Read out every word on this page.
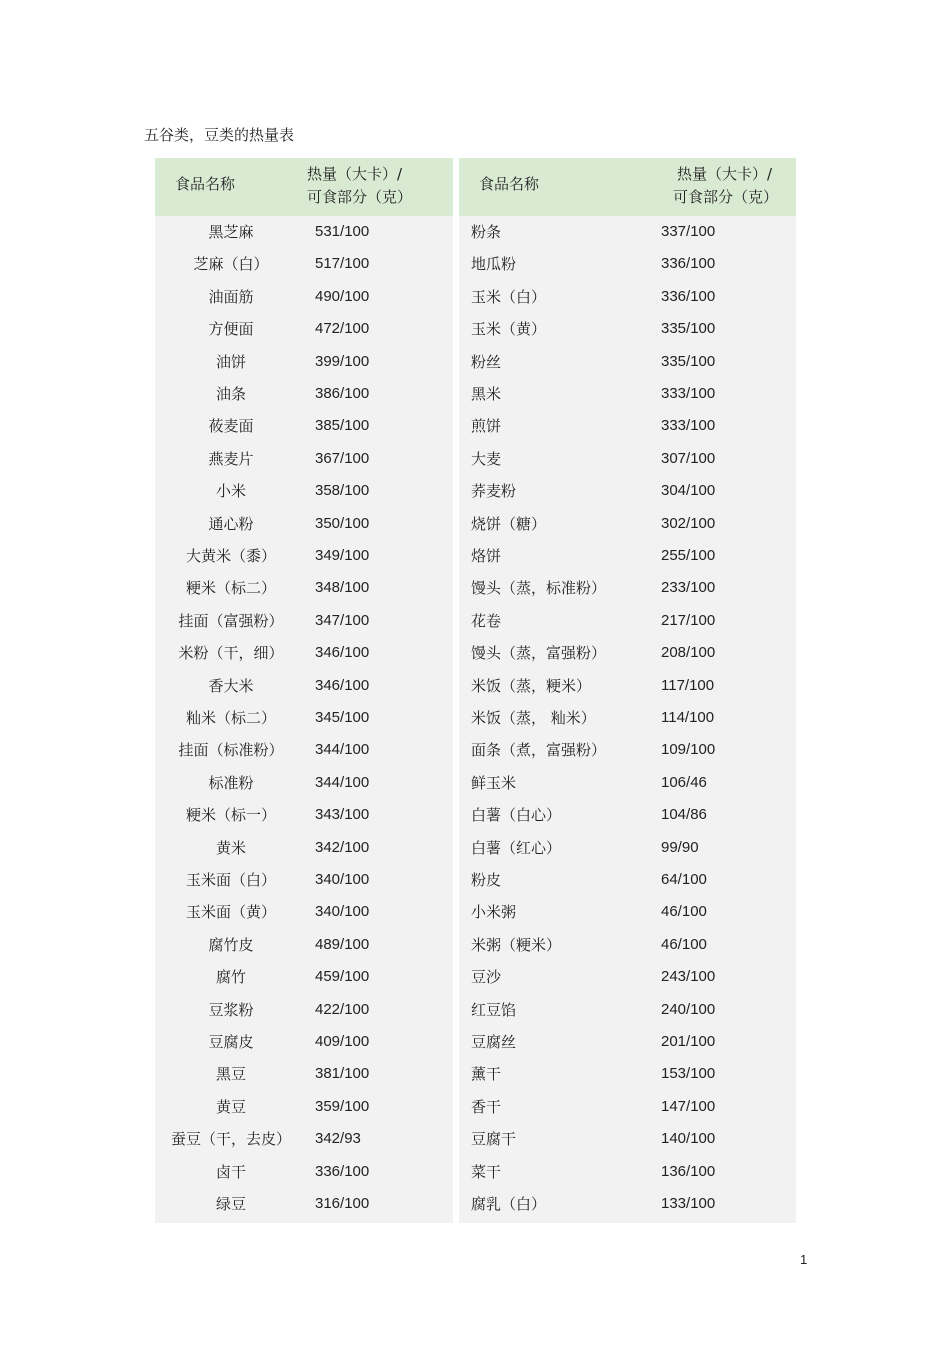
五谷类，豆类的热量表
食品名称
热量（大卡）/
可食部分（克）
黑芝麻	531/100
芝麻（白）	517/100
油面筋	490/100
方便面	472/100
油饼	399/100
油条	386/100
莜麦面	385/100
燕麦片	367/100
小米	358/100
通心粉	350/100
大黄米（黍）	349/100
粳米（标二）	348/100
挂面（富强粉）	347/100
米粉（干，细）	346/100
香大米	346/100
籼米（标二）	345/100
挂面（标准粉）	344/100
标准粉	344/100
粳米（标一）	343/100
黄米	342/100
玉米面（白）	340/100
玉米面（黄）	340/100
腐竹皮	489/100
腐竹	459/100
豆浆粉	422/100
豆腐皮	409/100
黑豆	381/100
黄豆	359/100
蚕豆（干，去皮）	342/93
卤干	336/100
绿豆	316/100
食品名称
热量（大卡）/
可食部分（克）
粉条	337/100
地瓜粉	336/100
玉米（白）	336/100
玉米（黄）	335/100
粉丝	335/100
黑米	333/100
煎饼	333/100
大麦	307/100
荞麦粉	304/100
烧饼（糖）	302/100
烙饼	255/100
馒头（蒸，标准粉）	233/100
花卷	217/100
馒头（蒸，富强粉）	208/100
米饭（蒸，粳米）	117/100
米饭（蒸， 籼米）	114/100
面条（煮，富强粉）	109/100
鲜玉米	106/46
白薯（白心）	104/86
白薯（红心）	99/90
粉皮	64/100
小米粥	46/100
米粥（粳米）	46/100
豆沙	243/100
红豆馅	240/100
豆腐丝	201/100
薰干	153/100
香干	147/100
豆腐干	140/100
菜干	136/100
腐乳（白）	133/100
1
